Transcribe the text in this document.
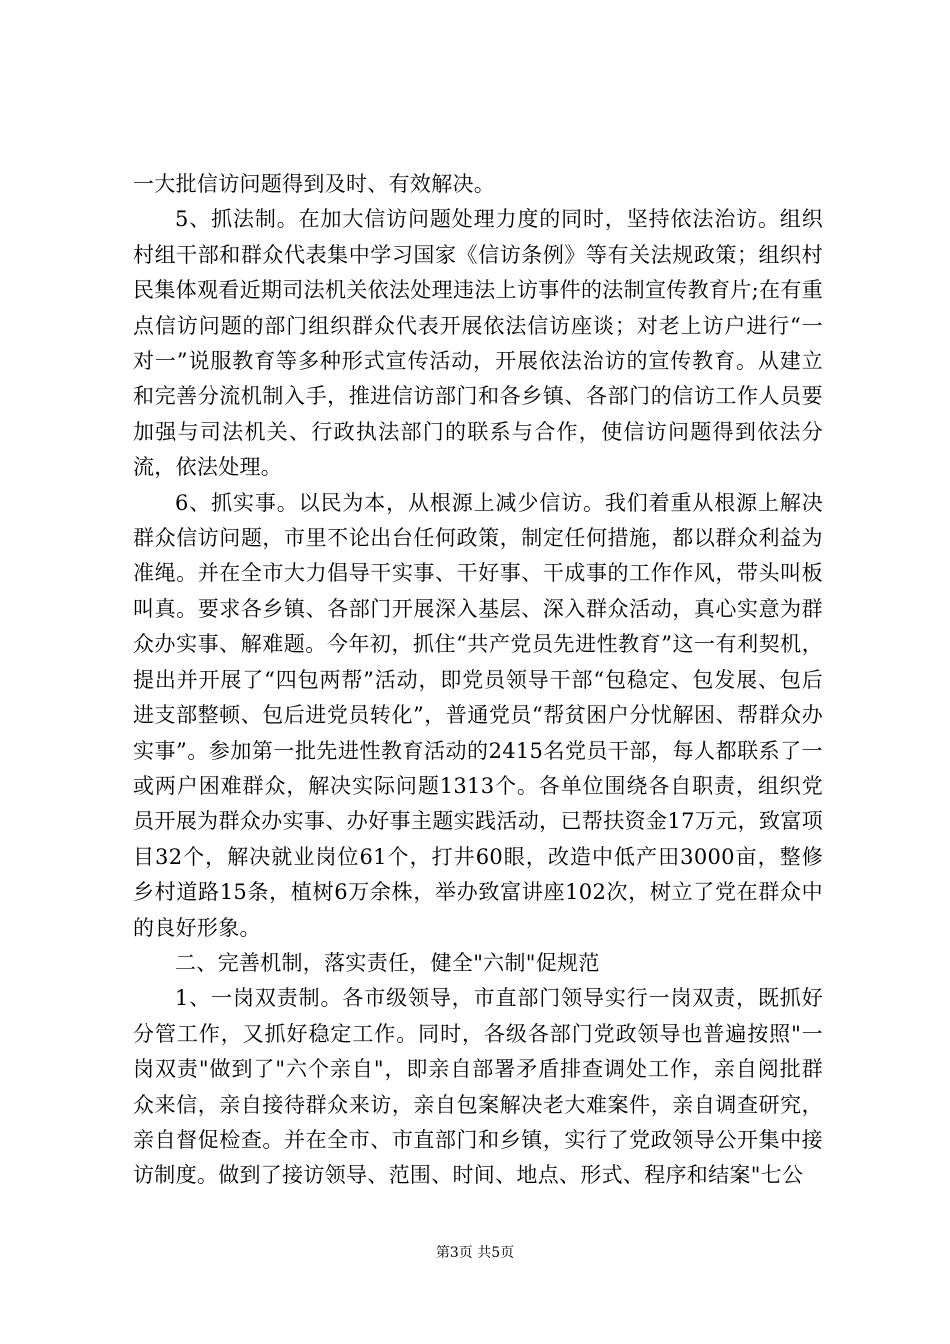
一大批信访问题得到及时、有效解决。

5、抓法制。在加大信访问题处理力度的同时，坚持依法治访。组织村组干部和群众代表集中学习国家《信访条例》等有关法规政策；组织村民集体观看近期司法机关依法处理违法上访事件的法制宣传教育片;在有重点信访问题的部门组织群众代表开展依法信访座谈；对老上访户进行“一对一”说服教育等多种形式宣传活动，开展依法治访的宣传教育。从建立和完善分流机制入手，推进信访部门和各乡镇、各部门的信访工作人员要加强与司法机关、行政执法部门的联系与合作，使信访问题得到依法分流，依法处理。

6、抓实事。以民为本，从根源上减少信访。我们着重从根源上解决群众信访问题，市里不论出台任何政策，制定任何措施，都以群众利益为准绳。并在全市大力倡导干实事、干好事、干成事的工作作风，带头叫板叫真。要求各乡镇、各部门开展深入基层、深入群众活动，真心实意为群众办实事、解难题。今年初，抓住“共产党员先进性教育”这一有利契机，提出并开展了“四包两帮”活动，即党员领导干部“包稳定、包发展、包后进支部整顿、包后进党员转化”，普通党员“帮贫困户分忧解困、帮群众办实事”。参加第一批先进性教育活动的2415名党员干部，每人都联系了一或两户困难群众，解决实际问题1313个。各单位围绕各自职责，组织党员开展为群众办实事、办好事主题实践活动，已帮扶资金17万元，致富项目32个，解决就业岗位61个，打井60眼，改造中低产田3000亩，整修乡村道路15条，植树6万余株，举办致富讲座102次，树立了党在群众中的良好形象。

二、完善机制，落实责任，健全"六制"促规范

1、一岗双责制。各市级领导，市直部门领导实行一岗双责，既抓好分管工作，又抓好稳定工作。同时，各级各部门党政领导也普遍按照"一岗双责"做到了"六个亲自"，即亲自部署矛盾排查调处工作，亲自阅批群众来信，亲自接待群众来访，亲自包案解决老大难案件，亲自调查研究，亲自督促检查。并在全市、市直部门和乡镇，实行了党政领导公开集中接访制度。做到了接访领导、范围、时间、地点、形式、程序和结案"七公

第3页 共5页
